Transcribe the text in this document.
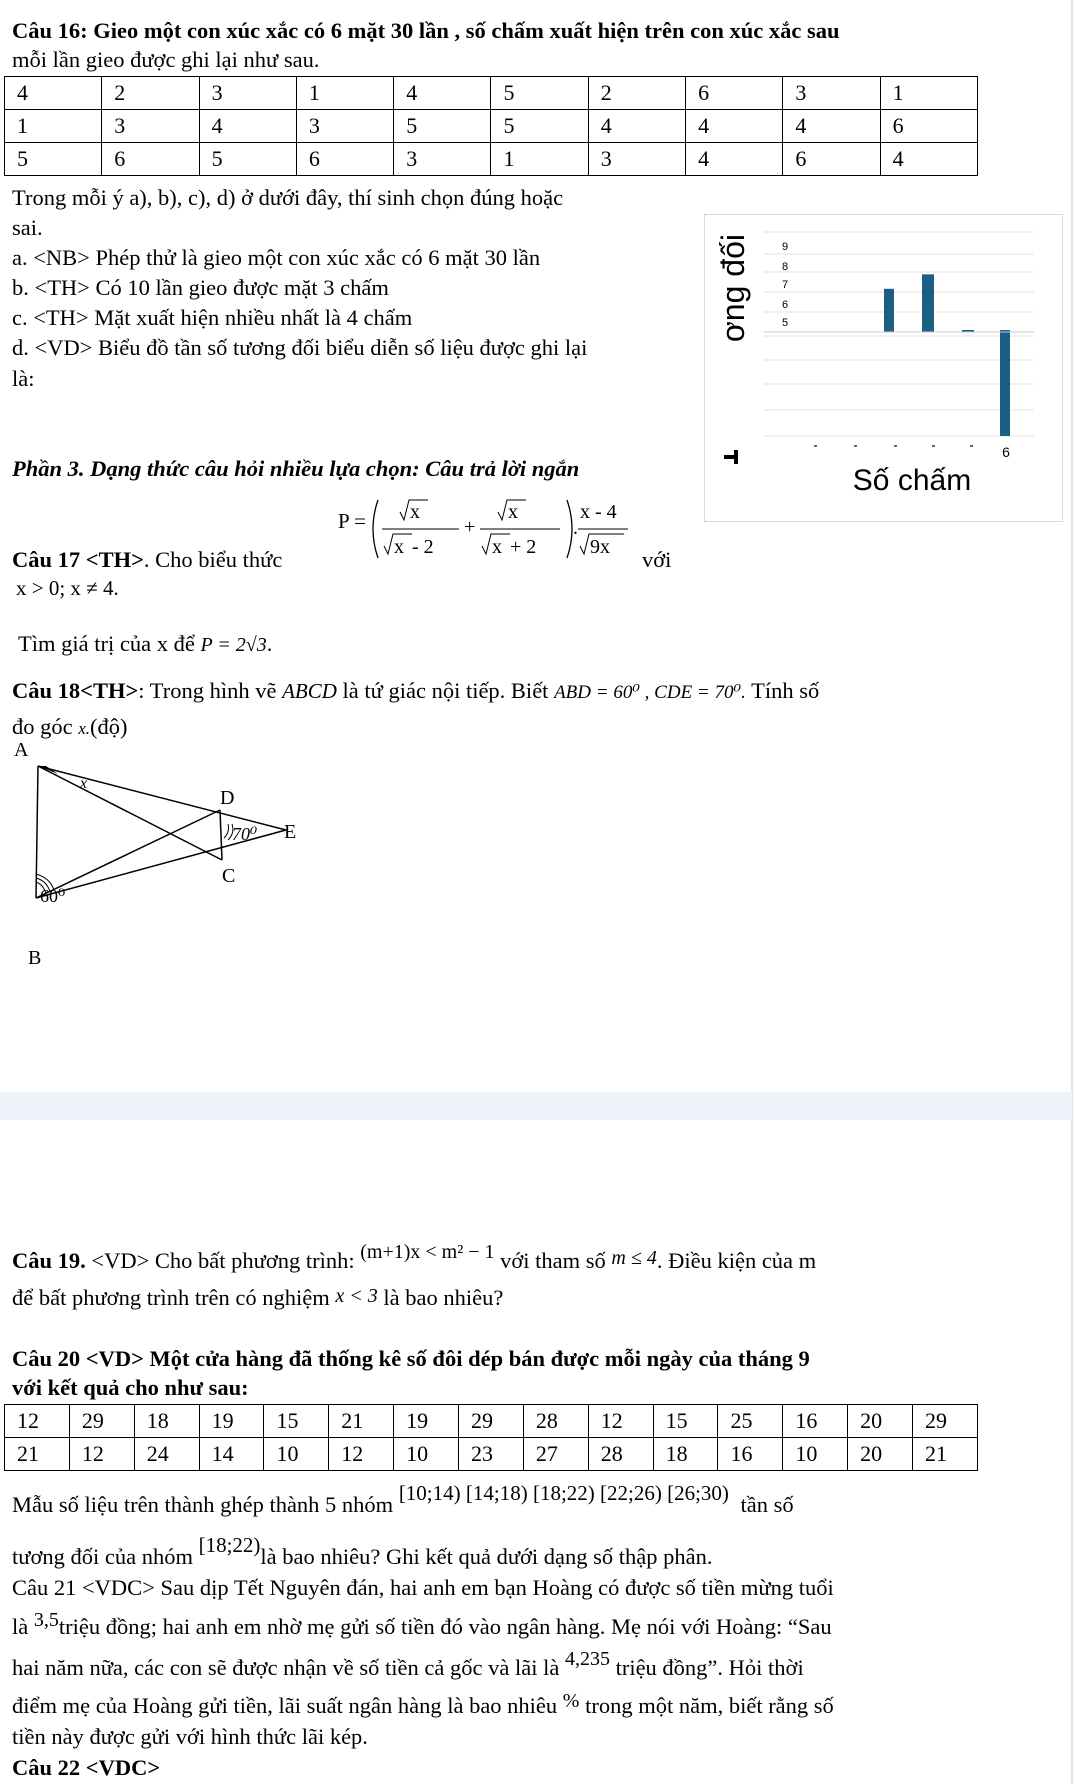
Câu 16: Gieo một con xúc xắc có 6 mặt 30 lần , số chấm xuất hiện trên con xúc xắc sau
mỗi lần gieo được ghi lại như sau.
4	2	3	1	4	5	2	6	3	1
1	3	4	3	5	5	4	4	4	6
5	6	5	6	3	1	3	4	6	4
Trong mỗi ý a), b), c), d) ở dưới đây, thí sinh chọn đúng hoặc
sai.
a. <NB> Phép thử là gieo một con xúc xắc có 6 mặt 30 lần
b. <TH> Có 10 lần gieo được mặt 3 chấm
c. <TH> Mặt xuất hiện nhiều nhất là 4 chấm
d. <VD> Biểu đồ tần số tương đối biểu diễn số liệu được ghi lại
là:
9
8
7
6
5
ơng đối
6
Số chấm
Phần 3. Dạng thức câu hỏi nhiều lựa chọn: Câu trả lời ngắn
Câu 17 <TH>. Cho biểu thức
P = x
x - 2
+
x
x + 2
.
x - 4
9x với
x > 0; x ≠ 4.
Tìm giá trị của x để P = 2√3.
Câu 18<TH>: Trong hình vẽ ABCD là tứ giác nội tiếp. Biết ABD = 60⁰ , CDE = 70⁰. Tính số
đo góc x.(độ)
A
B
C
D
E
x
70⁰
60⁰
Câu 19. <VD> Cho bất phương trình: (m+1)x < m² − 1 với tham số m ≤ 4. Điều kiện của m
để bất phương trình trên có nghiệm x < 3 là bao nhiêu?
Câu 20 <VD> Một cửa hàng đã thống kê số đôi dép bán được mỗi ngày của tháng 9
với kết quả cho như sau:
12	29	18	19	15	21	19	29	28	12	15	25	16	20	29
21	12	24	14	10	12	10	23	27	28	18	16	10	20	21
Mẫu số liệu trên thành ghép thành 5 nhóm [10;14) [14;18) [18;22) [22;26) [26;30) tần số
tương đối của nhóm [18;22)là bao nhiêu? Ghi kết quả dưới dạng số thập phân.
Câu 21 <VDC> Sau dịp Tết Nguyên đán, hai anh em bạn Hoàng có được số tiền mừng tuổi
là 3,5triệu đồng; hai anh em nhờ mẹ gửi số tiền đó vào ngân hàng. Mẹ nói với Hoàng: “Sau
hai năm nữa, các con sẽ được nhận về số tiền cả gốc và lãi là 4,235 triệu đồng”. Hỏi thời
điểm mẹ của Hoàng gửi tiền, lãi suất ngân hàng là bao nhiêu % trong một năm, biết rằng số
tiền này được gửi với hình thức lãi kép.
Câu 22 <VDC>
